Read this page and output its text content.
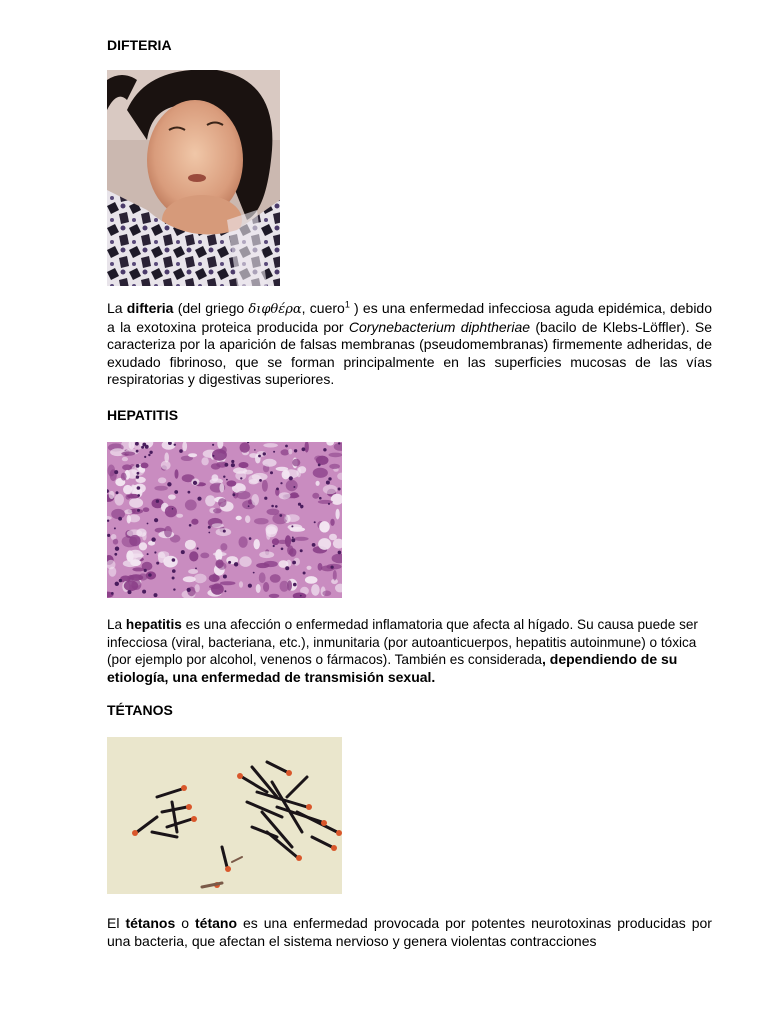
DIFTERIA

La difteria (del griego διφθέρα, cuero$^1$ ) es una enfermedad infecciosa aguda epidémica, debido a la exotoxina proteica producida por Corynebacterium diphtheriae (bacilo de Klebs-Löffler). Se caracteriza por la aparición de falsas membranas (pseudomembranas) firmemente adheridas, de exudado fibrinoso, que se forman principalmente en las superficies mucosas de las vías respiratorias y digestivas superiores.

HEPATITIS

La hepatitis es una afección o enfermedad inflamatoria que afecta al hígado. Su causa puede ser infecciosa (viral, bacteriana, etc.), inmunitaria (por autoanticuerpos, hepatitis autoinmune) o tóxica (por ejemplo por alcohol, venenos o fármacos). También es considerada, dependiendo de su etiología, una enfermedad de transmisión sexual.

TÉTANOS

El tétanos o tétano es una enfermedad provocada por potentes neurotoxinas producidas por una bacteria, que afectan el sistema nervioso y genera violentas contracciones
